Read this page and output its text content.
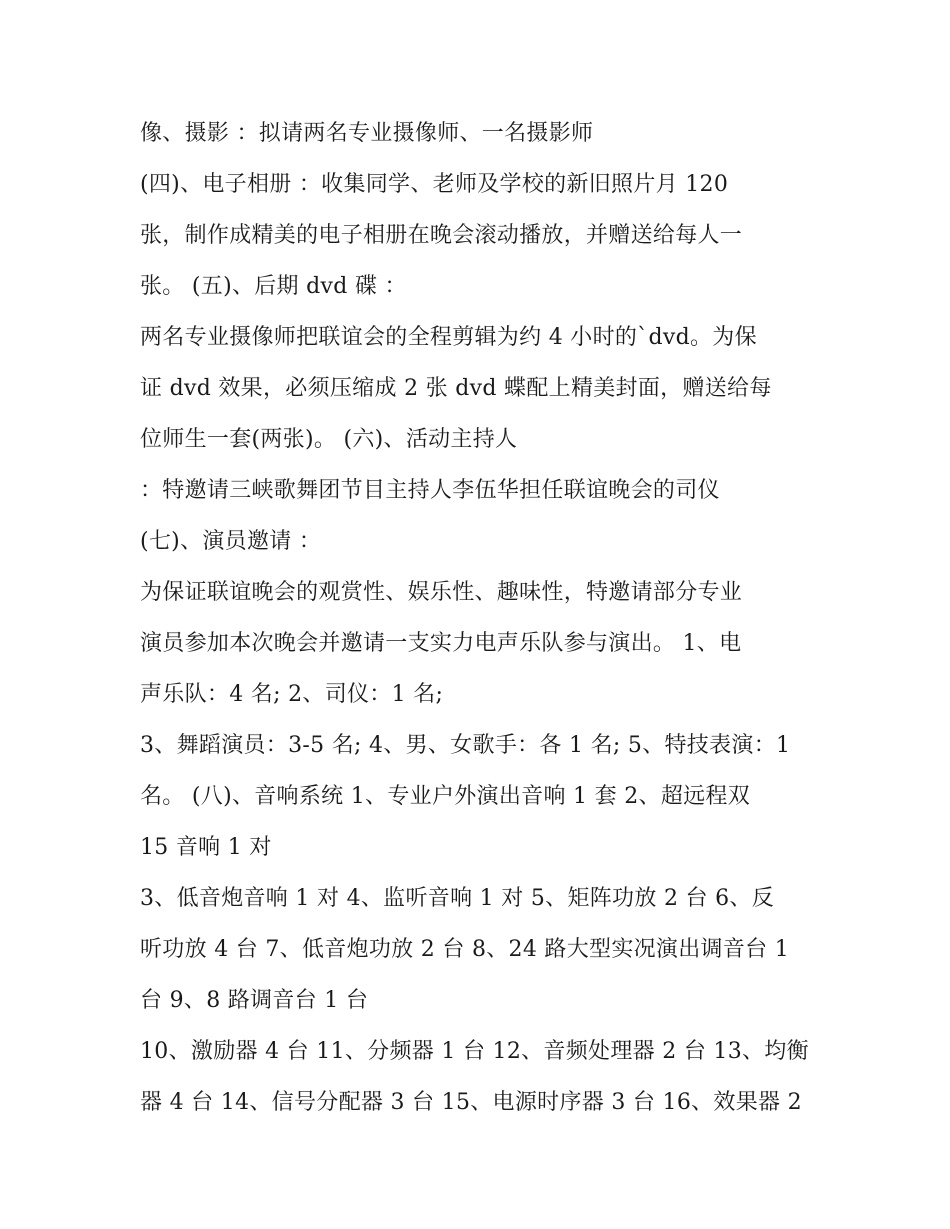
像、摄影 ：拟请两名专业摄像师、一名摄影师
(四)、电子相册 ：收集同学、老师及学校的新旧照片月 120
张，制作成精美的电子相册在晚会滚动播放，并赠送给每人一
张。 (五)、后期 dvd 碟 ：
两名专业摄像师把联谊会的全程剪辑为约 4 小时的`dvd。为保
证 dvd 效果，必须压缩成 2 张 dvd 蝶配上精美封面，赠送给每
位师生一套(两张)。 (六)、活动主持人
：特邀请三峡歌舞团节目主持人李伍华担任联谊晚会的司仪
(七)、演员邀请 ：
为保证联谊晚会的观赏性、娱乐性、趣味性，特邀请部分专业
演员参加本次晚会并邀请一支实力电声乐队参与演出。 1、电
声乐队：4 名; 2、司仪：1 名;
3、舞蹈演员：3-5 名; 4、男、女歌手：各 1 名; 5、特技表演：1
名。 (八)、音响系统 1、专业户外演出音响 1 套 2、超远程双
15 音响 1 对
3、低音炮音响 1 对 4、监听音响 1 对 5、矩阵功放 2 台 6、反
听功放 4 台 7、低音炮功放 2 台 8、24 路大型实况演出调音台 1
台 9、8 路调音台 1 台
10、激励器 4 台 11、分频器 1 台 12、音频处理器 2 台 13、均衡
器 4 台 14、信号分配器 3 台 15、电源时序器 3 台 16、效果器 2
